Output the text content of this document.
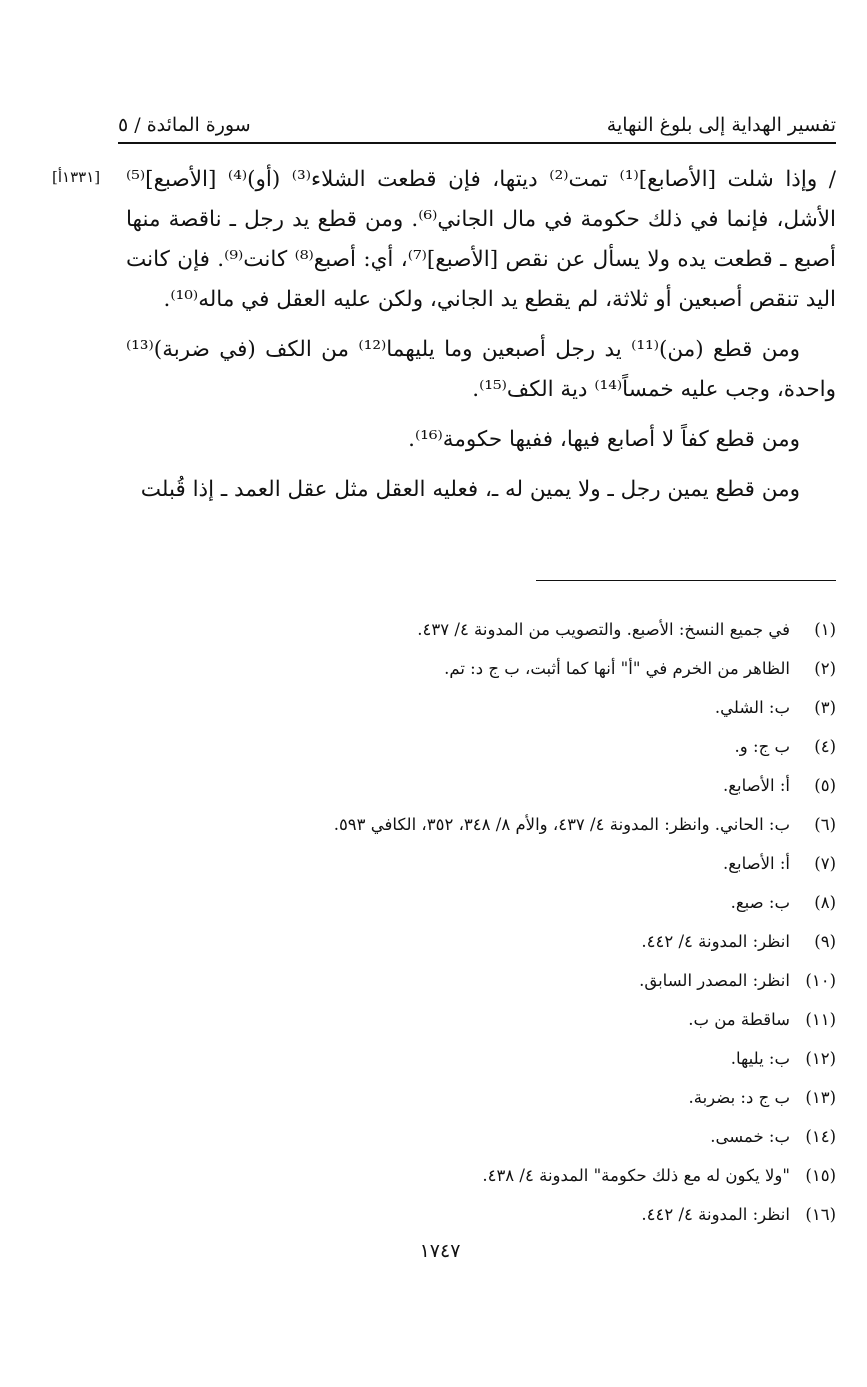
تفسير الهداية إلى بلوغ النهاية
سورة المائدة / ٥
[١٣٣١أ] / وإذا شلت [الأصابع]⁽¹⁾ تمت⁽²⁾ ديتها، فإن قطعت الشلاء⁽³⁾ (أو)⁽⁴⁾ [الأصبع]⁽⁵⁾ الأشل، فإنما في ذلك حكومة في مال الجاني⁽⁶⁾. ومن قطع يد رجل ـ ناقصة منها أصبع ـ قطعت يده ولا يسأل عن نقص [الأصبع]⁽⁷⁾، أي: أصبع⁽⁸⁾ كانت⁽⁹⁾. فإن كانت اليد تنقص أصبعين أو ثلاثة، لم يقطع يد الجاني، ولكن عليه العقل في ماله⁽¹⁰⁾.

ومن قطع (من)⁽¹¹⁾ يد رجل أصبعين وما يليهما⁽¹²⁾ من الكف (في ضربة)⁽¹³⁾ واحدة، وجب عليه خمساً⁽¹⁴⁾ دية الكف⁽¹⁵⁾.

ومن قطع كفاً لا أصابع فيها، ففيها حكومة⁽¹⁶⁾.

ومن قطع يمين رجل ـ ولا يمين له ـ، فعليه العقل مثل عقل العمد ـ إذا قُبلت

(١)
في جميع النسخ: الأصبع. والتصويب من المدونة ٤/ ٤٣٧.
(٢)
الظاهر من الخرم في "أ" أنها كما أثبت، ب ج د: تم.
(٣)
ب: الشلي.
(٤)
ب ج: و.
(٥)
أ: الأصابع.
(٦)
ب: الحاني. وانظر: المدونة ٤/ ٤٣٧، والأم ٨/ ٣٤٨، ٣٥٢، الكافي ٥٩٣.
(٧)
أ: الأصابع.
(٨)
ب: صبع.
(٩)
انظر: المدونة ٤/ ٤٤٢.
(١٠)
انظر: المصدر السابق.
(١١)
ساقطة من ب.
(١٢)
ب: يليها.
(١٣)
ب ج د: بضربة.
(١٤)
ب: خمسى.
(١٥)
"ولا يكون له مع ذلك حكومة" المدونة ٤/ ٤٣٨.
(١٦)
انظر: المدونة ٤/ ٤٤٢.
١٧٤٧
